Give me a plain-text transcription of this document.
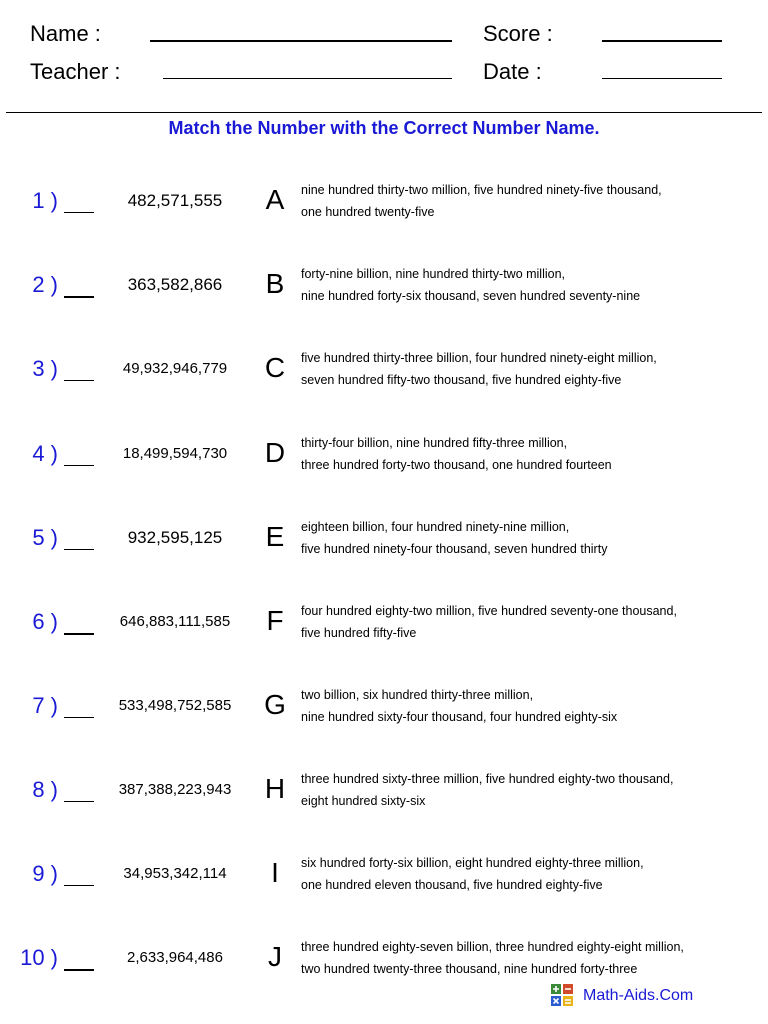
Name :
Teacher :
Score :
Date :
Match the Number with the Correct Number Name.
1 )	482,571,555	A nine hundred thirty-two million, five hundred ninety-five thousand,
one hundred twenty-five
2 )	363,582,866	B forty-nine billion, nine hundred thirty-two million,
nine hundred forty-six thousand, seven hundred seventy-nine
3 )	49,932,946,779	C five hundred thirty-three billion, four hundred ninety-eight million,
seven hundred fifty-two thousand, five hundred eighty-five
4 )	18,499,594,730	D thirty-four billion, nine hundred fifty-three million,
three hundred forty-two thousand, one hundred fourteen
5 )	932,595,125	E eighteen billion, four hundred ninety-nine million,
five hundred ninety-four thousand, seven hundred thirty
6 )	646,883,111,585	F	four hundred eighty-two million, five hundred seventy-one thousand,
five hundred fifty-five
7 )	533,498,752,585	G two billion, six hundred thirty-three million,
nine hundred sixty-four thousand, four hundred eighty-six
8 )	387,388,223,943	H three hundred sixty-three million, five hundred eighty-two thousand,
eight hundred sixty-six
9 )	34,953,342,114	I	six hundred forty-six billion, eight hundred eighty-three million,
one hundred eleven thousand, five hundred eighty-five
10 )	2,633,964,486	J	three hundred eighty-seven billion, three hundred eighty-eight million,
two hundred twenty-three thousand, nine hundred forty-three
Math-Aids.Com
